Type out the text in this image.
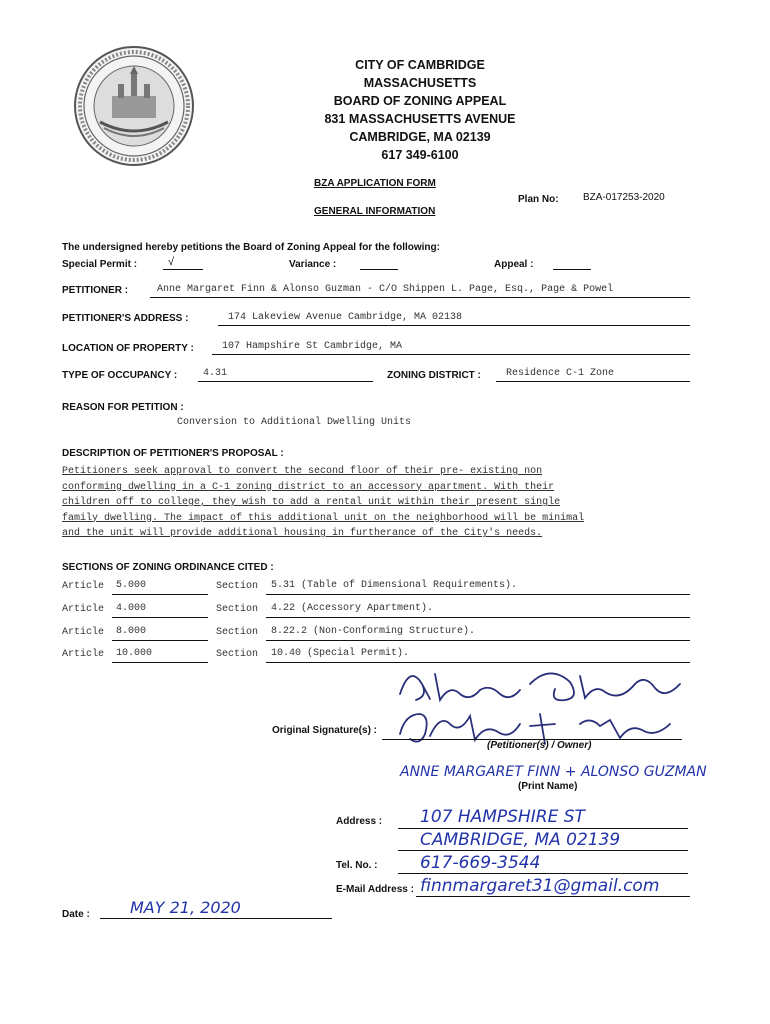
CITY OF CAMBRIDGE
MASSACHUSETTS
BOARD OF ZONING APPEAL
831 MASSACHUSETTS AVENUE
CAMBRIDGE, MA 02139
617 349-6100
BZA APPLICATION FORM
GENERAL INFORMATION
Plan No: BZA-017253-2020
The undersigned hereby petitions the Board of Zoning Appeal for the following:
Special Permit :	√	Variance :	Appeal :
PETITIONER :	Anne Margaret Finn & Alonso Guzman - C/O Shippen L. Page, Esq., Page & Powel
PETITIONER'S ADDRESS :	174 Lakeview Avenue Cambridge, MA 02138
LOCATION OF PROPERTY :	107 Hampshire St Cambridge, MA
TYPE OF OCCUPANCY :	4.31	ZONING DISTRICT :	Residence C-1 Zone
REASON FOR PETITION :
Conversion to Additional Dwelling Units
DESCRIPTION OF PETITIONER'S PROPOSAL :
Petitioners seek approval to convert the second floor of their pre- existing non
conforming dwelling in a C-1 zoning district to an accessory apartment. With their
children off to college, they wish to add a rental unit within their present single
family dwelling. The impact of this additional unit on the neighborhood will be minimal
and the unit will provide additional housing in furtherance of the City's needs.
SECTIONS OF ZONING ORDINANCE CITED :
Article 5.000	Section 5.31 (Table of Dimensional Requirements).
Article 4.000	Section 4.22 (Accessory Apartment).
Article 8.000	Section 8.22.2 (Non-Conforming Structure).
Article 10.000	Section 10.40 (Special Permit).
Original Signature(s) :
(Petitioner(s) / Owner)
ANNE MARGARET FINN + ALONSO GUZMAN
(Print Name)
Address : 107 HAMPSHIRE ST
CAMBRIDGE, MA 02139
Tel. No. :	617-669-3544
E-Mail Address : finnmargaret31@gmail.com
Date :	MAY 21, 2020
